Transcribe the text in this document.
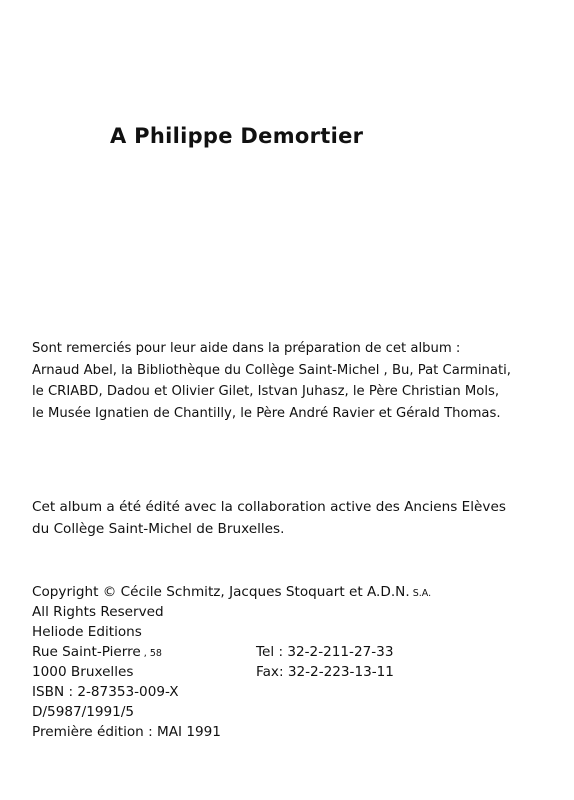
A Philippe Demortier
Sont remerciés pour leur aide dans la préparation de cet album :
Arnaud Abel, la Bibliothèque du Collège Saint-Michel , Bu, Pat Carminati,
le CRIABD, Dadou et Olivier Gilet, Istvan Juhasz, le Père Christian Mols,
le Musée Ignatien de Chantilly, le Père André Ravier et Gérald Thomas.
Cet album a été édité avec la collaboration active des Anciens Elèves
du Collège Saint-Michel de Bruxelles.
Copyright © Cécile Schmitz, Jacques Stoquart et A.D.N. S.A.
All Rights Reserved
Heliode Editions
Rue Saint-Pierre , 58	Tel : 32-2-211-27-33
1000 Bruxelles	Fax: 32-2-223-13-11
ISBN : 2-87353-009-X
D/5987/1991/5
Première édition : MAI 1991
